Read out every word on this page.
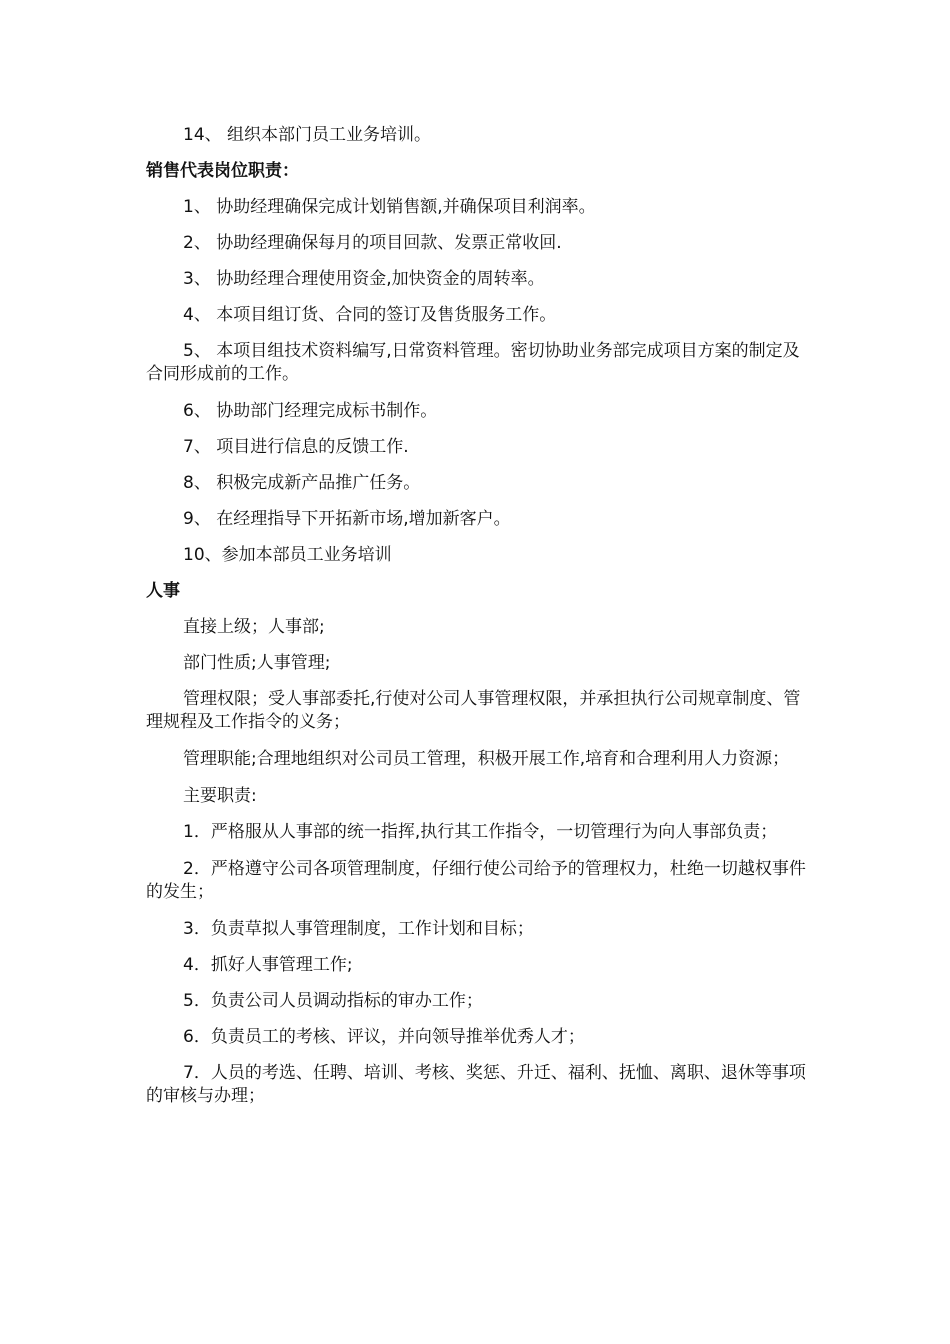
14、 组织本部门员工业务培训。

销售代表岗位职责：

1、 协助经理确保完成计划销售额,并确保项目利润率。

2、 协助经理确保每月的项目回款、发票正常收回.

3、 协助经理合理使用资金,加快资金的周转率。

4、 本项目组订货、合同的签订及售货服务工作。

5、 本项目组技术资料编写,日常资料管理。密切协助业务部完成项目方案的制定及合同形成前的工作。

6、 协助部门经理完成标书制作。

7、 项目进行信息的反馈工作.

8、 积极完成新产品推广任务。

9、 在经理指导下开拓新市场,增加新客户。

10、参加本部员工业务培训

人事

直接上级；人事部;

部门性质;人事管理;

管理权限；受人事部委托,行使对公司人事管理权限，并承担执行公司规章制度、管理规程及工作指令的义务；

管理职能;合理地组织对公司员工管理，积极开展工作,培育和合理利用人力资源；

主要职责:

1．严格服从人事部的统一指挥,执行其工作指令，一切管理行为向人事部负责；

2．严格遵守公司各项管理制度，仔细行使公司给予的管理权力，杜绝一切越权事件的发生；

3．负责草拟人事管理制度，工作计划和目标；

4．抓好人事管理工作;

5．负责公司人员调动指标的审办工作；

6．负责员工的考核、评议，并向领导推举优秀人才；

7．人员的考选、任聘、培训、考核、奖惩、升迁、福利、抚恤、离职、退休等事项的审核与办理；
